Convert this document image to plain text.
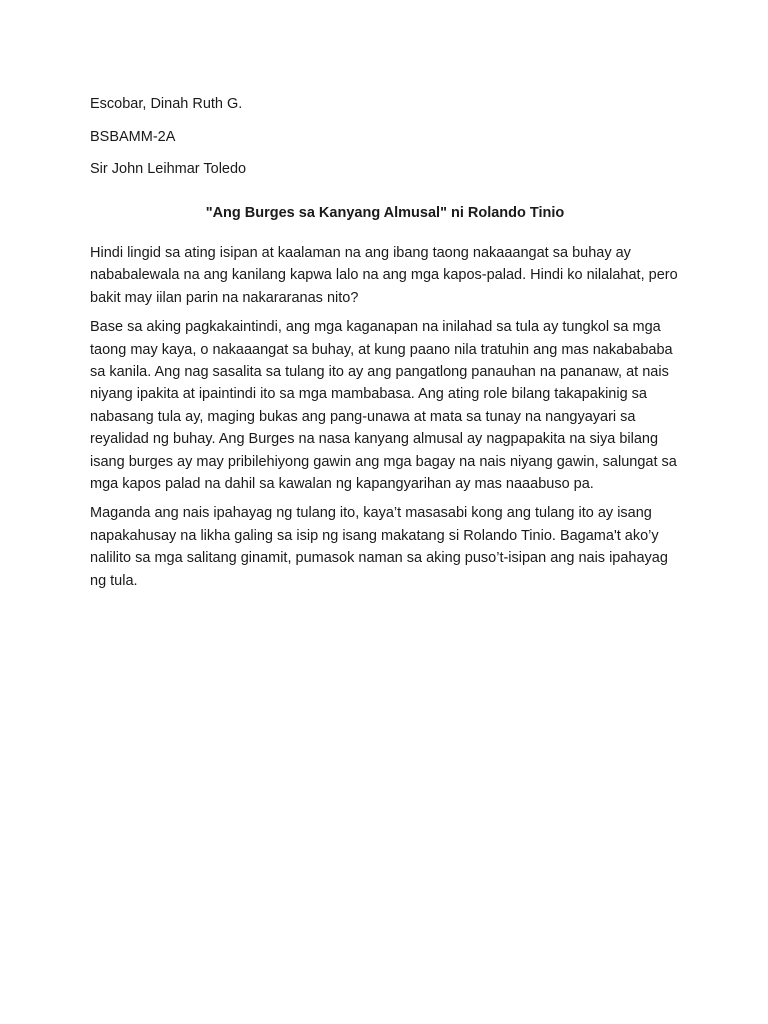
Escobar, Dinah Ruth G.

BSBAMM-2A

Sir John Leihmar Toledo

"Ang Burges sa Kanyang Almusal" ni Rolando Tinio

Hindi lingid sa ating isipan at kaalaman na ang ibang taong nakaaangat sa buhay ay nababalewala na ang kanilang kapwa lalo na ang mga kapos-palad. Hindi ko nilalahat, pero bakit may iilan parin na nakararanas nito?

Base sa aking pagkakaintindi, ang mga kaganapan na inilahad sa tula ay tungkol sa mga taong may kaya, o nakaaangat sa buhay, at kung paano nila tratuhin ang mas nakabababa sa kanila. Ang nag sasalita sa tulang ito ay ang pangatlong panauhan na pananaw, at nais niyang ipakita at ipaintindi ito sa mga mambabasa. Ang ating role bilang takapakinig sa nabasang tula ay, maging bukas ang pang-unawa at mata sa tunay na nangyayari sa reyalidad ng buhay. Ang Burges na nasa kanyang almusal ay nagpapakita na siya bilang isang burges ay may pribilehiyong gawin ang mga bagay na nais niyang gawin, salungat sa mga kapos palad na dahil sa kawalan ng kapangyarihan ay mas naaabuso pa.

Maganda ang nais ipahayag ng tulang ito, kaya’t masasabi kong ang tulang ito ay isang napakahusay na likha galing sa isip ng isang makatang si Rolando Tinio. Bagama't ako’y nalilito sa mga salitang ginamit, pumasok naman sa aking puso’t-isipan ang nais ipahayag ng tula.
